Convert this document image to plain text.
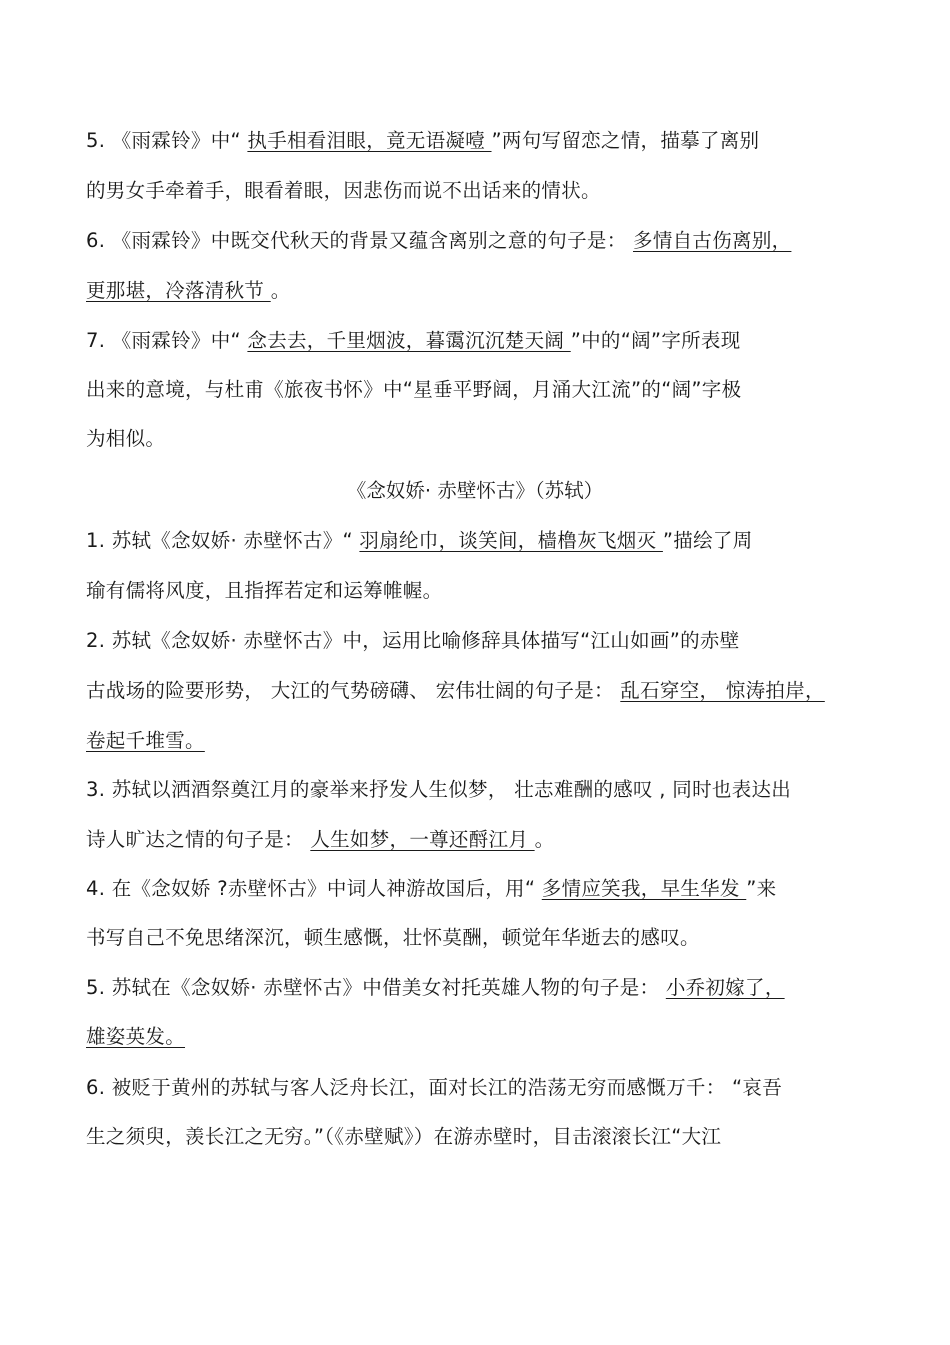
5. 《雨霖铃》中“ 执手相看泪眼，竟无语凝噎 ”两句写留恋之情，描摹了离别
的男女手牵着手，眼看着眼，因悲伤而说不出话来的情状。
6. 《雨霖铃》中既交代秋天的背景又蕴含离别之意的句子是： 多情自古伤离别，
更那堪，冷落清秋节 。
7. 《雨霖铃》中“ 念去去，千里烟波，暮霭沉沉楚天阔 ”中的“阔”字所表现
出来的意境，与杜甫《旅夜书怀》中“星垂平野阔，月涌大江流”的“阔”字极
为相似。
《念奴娇· 赤壁怀古》（苏轼）
1. 苏轼《念奴娇· 赤壁怀古》“ 羽扇纶巾，谈笑间，樯橹灰飞烟灭 ”描绘了周
瑜有儒将风度，且指挥若定和运筹帷幄。
2. 苏轼《念奴娇· 赤壁怀古》中，运用比喻修辞具体描写“江山如画”的赤壁
古战场的险要形势， 大江的气势磅礴、 宏伟壮阔的句子是： 乱石穿空， 惊涛拍岸，
卷起千堆雪。
3. 苏轼以洒酒祭奠江月的豪举来抒发人生似梦， 壮志难酬的感叹 , 同时也表达出
诗人旷达之情的句子是： 人生如梦，一尊还酹江月 。
4. 在《念奴娇 ?赤壁怀古》中词人神游故国后，用“ 多情应笑我，早生华发 ”来
书写自己不免思绪深沉，顿生感慨，壮怀莫酬，顿觉年华逝去的感叹。
5. 苏轼在《念奴娇· 赤壁怀古》中借美女衬托英雄人物的句子是： 小乔初嫁了，
雄姿英发。
6. 被贬于黄州的苏轼与客人泛舟长江，面对长江的浩荡无穷而感慨万千： “哀吾
生之须臾，羡长江之无穷。”（《赤壁赋》）在游赤壁时，目击滚滚长江“大江
